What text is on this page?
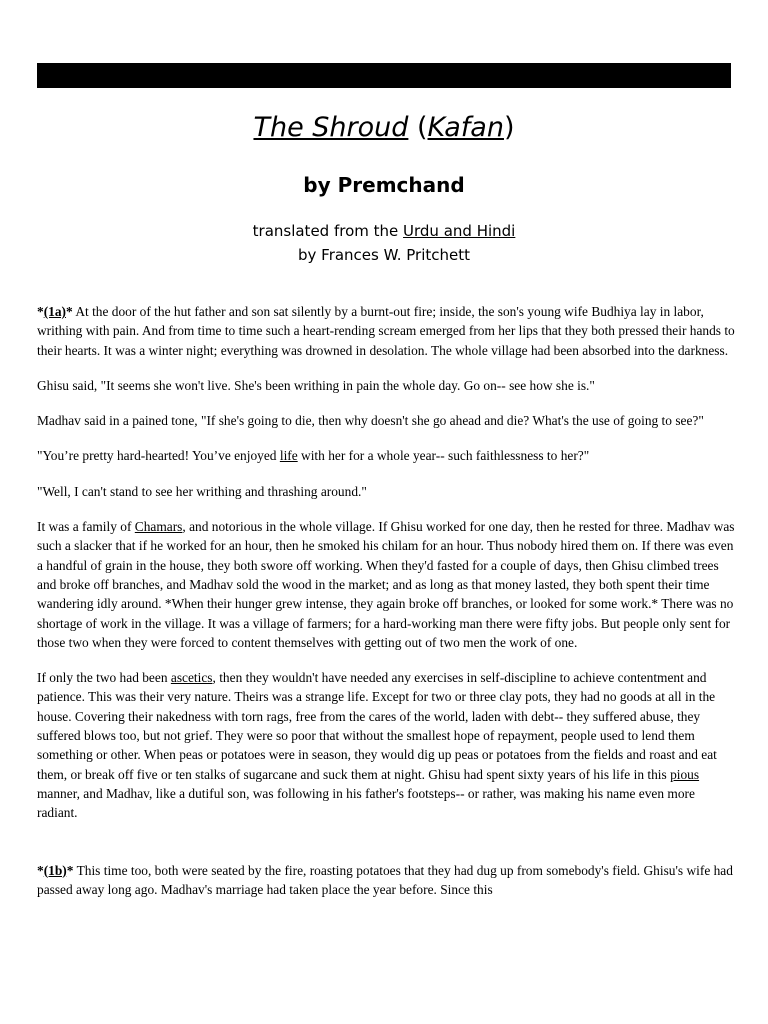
The Shroud (Kafan)
by Premchand
translated from the Urdu and Hindi
by Frances W. Pritchett

*(1a)* At the door of the hut father and son sat silently by a burnt-out fire; inside, the son's young wife Budhiya lay in labor, writhing with pain. And from time to time such a heart-rending scream emerged from her lips that they both pressed their hands to their hearts. It was a winter night; everything was drowned in desolation. The whole village had been absorbed into the darkness.

Ghisu said, "It seems she won't live. She's been writhing in pain the whole day. Go on-- see how she is."

Madhav said in a pained tone, "If she's going to die, then why doesn't she go ahead and die? What's the use of going to see?"

"You’re pretty hard-hearted! You’ve enjoyed life with her for a whole year-- such faithlessness to her?"

"Well, I can't stand to see her writhing and thrashing around."

It was a family of Chamars, and notorious in the whole village. If Ghisu worked for one day, then he rested for three. Madhav was such a slacker that if he worked for an hour, then he smoked his chilam for an hour. Thus nobody hired them on. If there was even a handful of grain in the house, they both swore off working. When they'd fasted for a couple of days, then Ghisu climbed trees and broke off branches, and Madhav sold the wood in the market; and as long as that money lasted, they both spent their time wandering idly around. *When their hunger grew intense, they again broke off branches, or looked for some work.* There was no shortage of work in the village. It was a village of farmers; for a hard-working man there were fifty jobs. But people only sent for those two when they were forced to content themselves with getting out of two men the work of one.

If only the two had been ascetics, then they wouldn't have needed any exercises in self-discipline to achieve contentment and patience. This was their very nature. Theirs was a strange life. Except for two or three clay pots, they had no goods at all in the house. Covering their nakedness with torn rags, free from the cares of the world, laden with debt-- they suffered abuse, they suffered blows too, but not grief. They were so poor that without the smallest hope of repayment, people used to lend them something or other. When peas or potatoes were in season, they would dig up peas or potatoes from the fields and roast and eat them, or break off five or ten stalks of sugarcane and suck them at night. Ghisu had spent sixty years of his life in this pious manner, and Madhav, like a dutiful son, was following in his father's footsteps-- or rather, was making his name even more radiant.

*(1b)* This time too, both were seated by the fire, roasting potatoes that they had dug up from somebody's field. Ghisu's wife had passed away long ago. Madhav's marriage had taken place the year before. Since this
